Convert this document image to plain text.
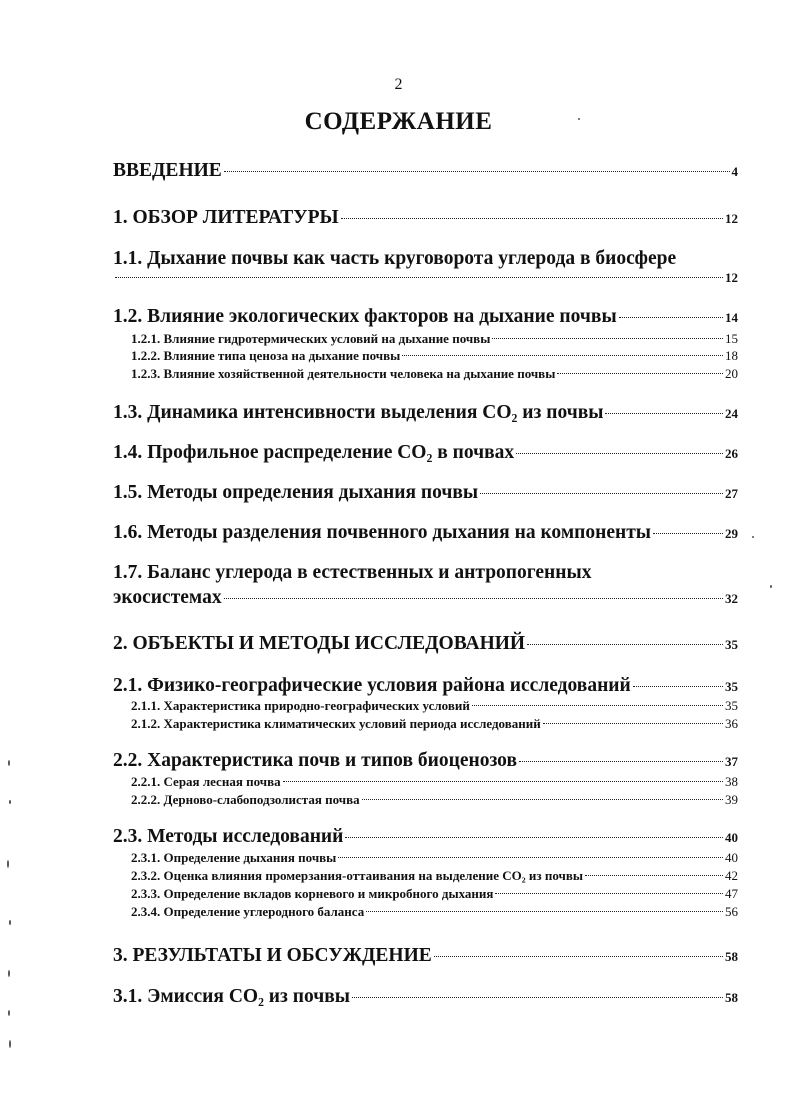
2
СОДЕРЖАНИЕ
ВВЕДЕНИЕ	4
1. ОБЗОР ЛИТЕРАТУРЫ	12
1.1. Дыхание почвы как часть круговорота углерода в биосфере
12
1.2. Влияние экологических факторов на дыхание почвы	14
1.2.1. Влияние гидротермических условий на дыхание почвы	15
1.2.2. Влияние типа ценоза на дыхание почвы	18
1.2.3. Влияние хозяйственной деятельности человека на дыхание почвы	20
1.3. Динамика интенсивности выделения CO₂ из почвы	24
1.4. Профильное распределение CO₂ в почвах	26
1.5. Методы определения дыхания почвы	27
1.6. Методы разделения почвенного дыхания на компоненты	29
1.7. Баланс углерода в естественных и антропогенных
экосистемах	32
2. ОБЪЕКТЫ И МЕТОДЫ ИССЛЕДОВАНИЙ	35
2.1. Физико-географические условия района исследований	35
2.1.1. Характеристика природно-географических условий	35
2.1.2. Характеристика климатических условий периода исследований	36
2.2. Характеристика почв и типов биоценозов	37
2.2.1. Серая лесная почва	38
2.2.2. Дерново-слабоподзолистая почва	39
2.3. Методы исследований	40
2.3.1. Определение дыхания почвы	40
2.3.2. Оценка влияния промерзания-оттаивания на выделение CO₂ из почвы	42
2.3.3. Определение вкладов корневого и микробного дыхания	47
2.3.4. Определение углеродного баланса	56
3. РЕЗУЛЬТАТЫ И ОБСУЖДЕНИЕ	58
3.1. Эмиссия CO₂ из почвы	58
